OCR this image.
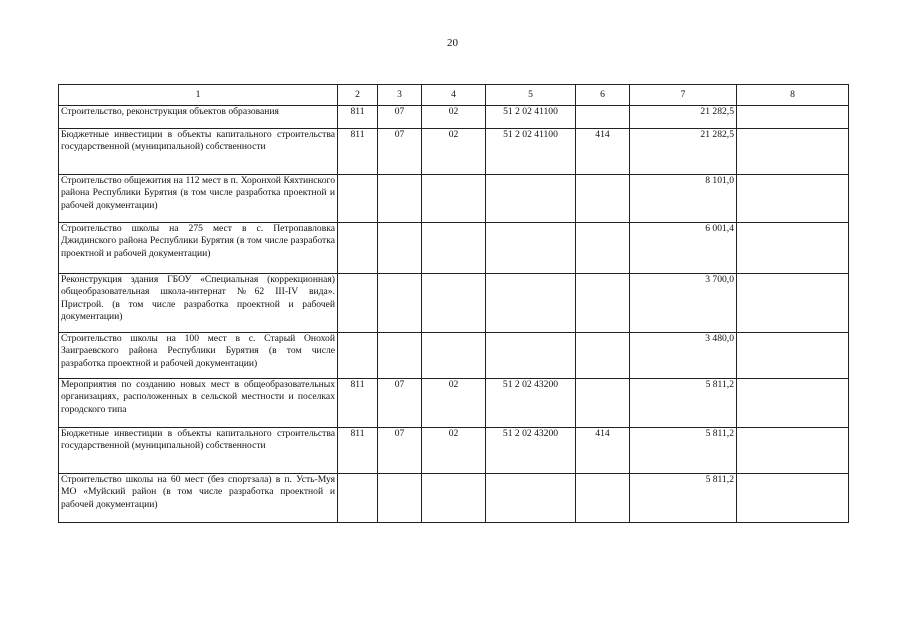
20
1	2	3	4	5	6	7	8
Строительство, реконструкция объектов образования	811	07	02	51 2 02 41100		21 282,5	
Бюджетные инвестиции в объекты капитального строительства государственной (муниципальной) собственности	811	07	02	51 2 02 41100	414	21 282,5	
Строительство общежития на 112 мест в п. Хоронхой Кяхтинского района Республики Бурятия (в том числе разработка проектной и рабочей документации)						8 101,0	
Строительство школы на 275 мест в с. Петропавловка Джидинского района Республики Бурятия (в том числе разработка проектной и рабочей документации)						6 001,4	
Реконструкция здания ГБОУ «Специальная (коррекционная) общеобразовательная школа-интернат №62 III-IV вида». Пристрой. (в том числе разработка проектной и рабочей документации)						3 700,0	
Строительство школы на 100 мест в с. Старый Онохой Заиграевского района Республики Бурятия (в том числе разработка проектной и рабочей документации)						3 480,0	
Мероприятия по созданию новых мест в общеобразовательных организациях, расположенных в сельской местности и поселках городского типа	811	07	02	51 2 02 43200		5 811,2	
Бюджетные инвестиции в объекты капитального строительства государственной (муниципальной) собственности	811	07	02	51 2 02 43200	414	5 811,2	
Строительство школы на 60 мест (без спортзала) в п. Усть-Муя МО «Муйский район (в том числе разработка проектной и рабочей документации)						5 811,2	
